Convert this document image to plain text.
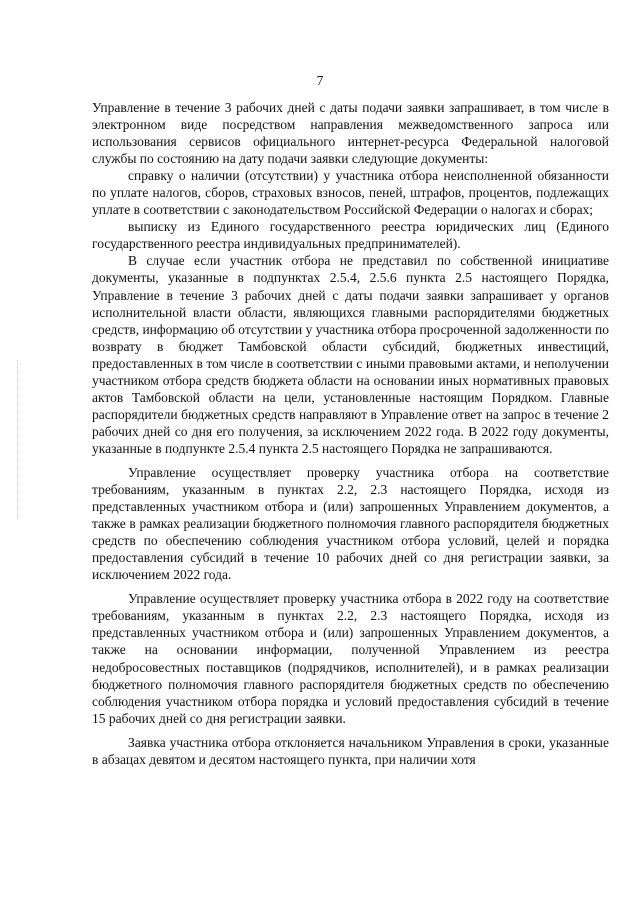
7

Управление в течение 3 рабочих дней с даты подачи заявки запрашивает, в том числе в электронном виде посредством направления межведомственного запроса или использования сервисов официального интернет-ресурса Федеральной налоговой службы по состоянию на дату подачи заявки следующие документы:

справку о наличии (отсутствии) у участника отбора неисполненной обязанности по уплате налогов, сборов, страховых взносов, пеней, штрафов, процентов, подлежащих уплате в соответствии с законодательством Российской Федерации о налогах и сборах;

выписку из Единого государственного реестра юридических лиц (Единого государственного реестра индивидуальных предпринимателей).

В случае если участник отбора не представил по собственной инициативе документы, указанные в подпунктах 2.5.4, 2.5.6 пункта 2.5 настоящего Порядка, Управление в течение 3 рабочих дней с даты подачи заявки запрашивает у органов исполнительной власти области, являющихся главными распорядителями бюджетных средств, информацию об отсутствии у участника отбора просроченной задолженности по возврату в бюджет Тамбовской области субсидий, бюджетных инвестиций, предоставленных в том числе в соответствии с иными правовыми актами, и неполучении участником отбора средств бюджета области на основании иных нормативных правовых актов Тамбовской области на цели, установленные настоящим Порядком. Главные распорядители бюджетных средств направляют в Управление ответ на запрос в течение 2 рабочих дней со дня его получения, за исключением 2022 года. В 2022 году документы, указанные в подпункте 2.5.4 пункта 2.5 настоящего Порядка не запрашиваются.

Управление осуществляет проверку участника отбора на соответствие требованиям, указанным в пунктах 2.2, 2.3 настоящего Порядка, исходя из представленных участником отбора и (или) запрошенных Управлением документов, а также в рамках реализации бюджетного полномочия главного распорядителя бюджетных средств по обеспечению соблюдения участником отбора условий, целей и порядка предоставления субсидий в течение 10 рабочих дней со дня регистрации заявки, за исключением 2022 года.

Управление осуществляет проверку участника отбора в 2022 году на соответствие требованиям, указанным в пунктах 2.2, 2.3 настоящего Порядка, исходя из представленных участником отбора и (или) запрошенных Управлением документов, а также на основании информации, полученной Управлением из реестра недобросовестных поставщиков (подрядчиков, исполнителей), и в рамках реализации бюджетного полномочия главного распорядителя бюджетных средств по обеспечению соблюдения участником отбора порядка и условий предоставления субсидий в течение 15 рабочих дней со дня регистрации заявки.

Заявка участника отбора отклоняется начальником Управления в сроки, указанные в абзацах девятом и десятом настоящего пункта, при наличии хотя
